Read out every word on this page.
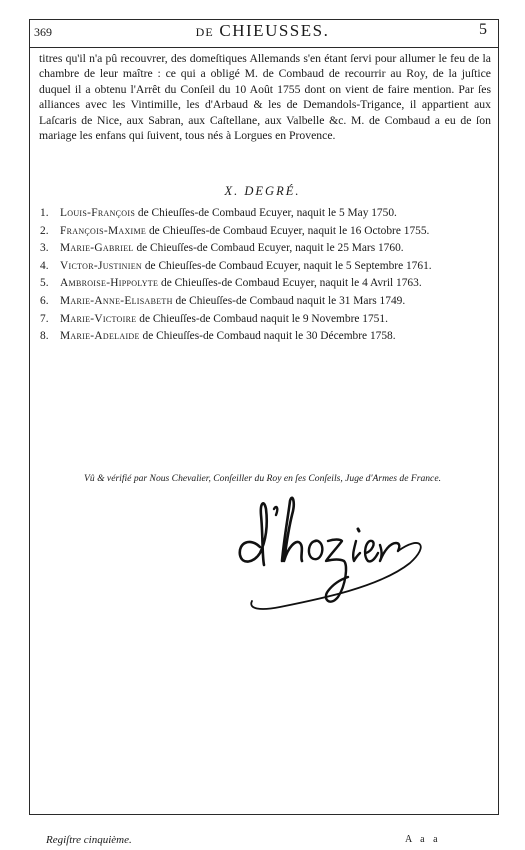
369	DE CHIEUSSES.	5
titres qu'il n'a pû recouvrer, des domeſtiques Allemands s'en étant ſervi pour allumer le feu de la chambre de leur maître : ce qui a obligé M. de Combaud de recourrir au Roy, de la juſtice duquel il a obtenu l'Arrêt du Conſeil du 10 Août 1755 dont on vient de faire mention. Par ſes alliances avec les Vintimille, les d'Arbaud & les de Demandols-Trigance, il appartient aux Laſcaris de Nice, aux Sabran, aux Caſtellane, aux Valbelle &c. M. de Combaud a eu de ſon mariage les enfans qui ſuivent, tous nés à Lorgues en Provence.
X. DEGRÉ.
1. Louis-François de Chieuſſes-de Combaud Ecuyer, naquit le 5 May 1750.
2. François-Maxime de Chieuſſes-de Combaud Ecuyer, naquit le 16 Octobre 1755.
3. Marie-Gabriel de Chieuſſes-de Combaud Ecuyer, naquit le 25 Mars 1760.
4. Victor-Justinien de Chieuſſes-de Combaud Ecuyer, naquit le 5 Septembre 1761.
5. Ambroise-Hippolyte de Chieuſſes-de Combaud Ecuyer, naquit le 4 Avril 1763.
6. Marie-Anne-Elisabeth de Chieuſſes-de Combaud naquit le 31 Mars 1749.
7. Marie-Victoire de Chieuſſes-de Combaud naquit le 9 Novembre 1751.
8. Marie-Adelaide de Chieuſſes-de Combaud naquit le 30 Décembre 1758.
Vû & vérifié par Nous Chevalier, Conſeiller du Roy en ſes Conſeils, Juge d'Armes de France.
Regiſtre cinquième.	A a a
